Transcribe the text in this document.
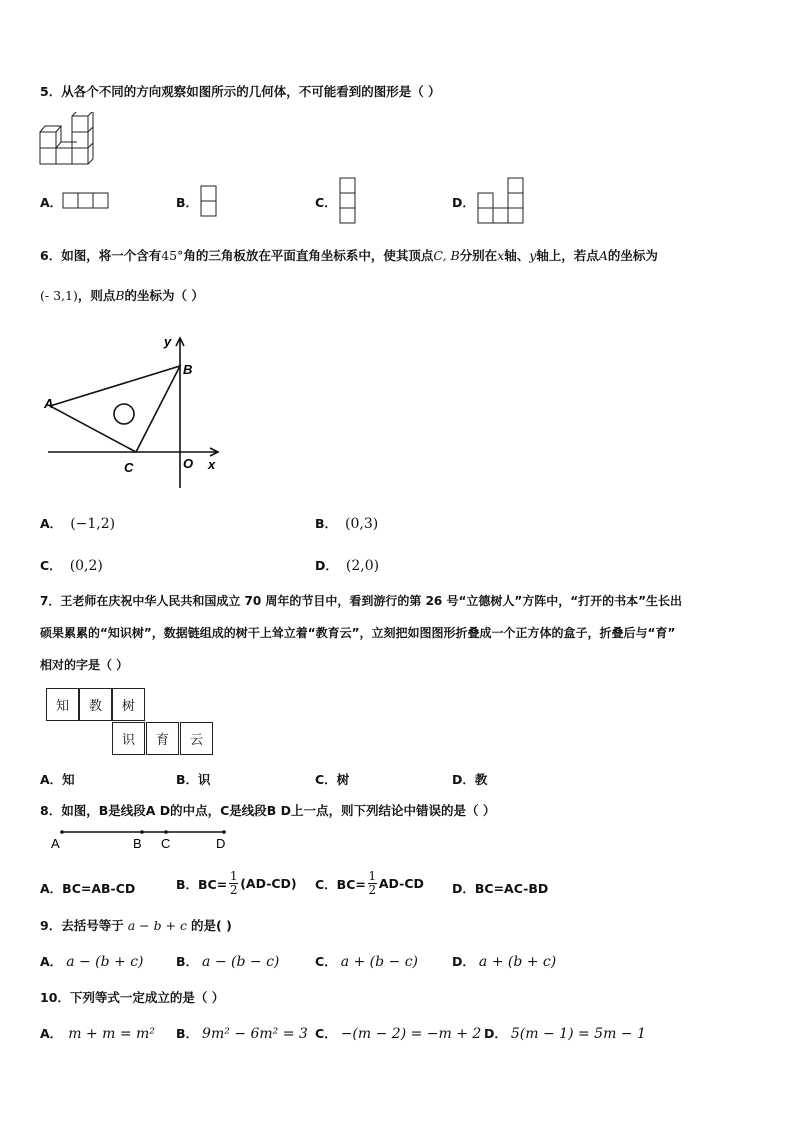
5．从各个不同的方向观察如图所示的几何体，不可能看到的图形是（ ）
A．	B．	C．	D．
6．如图，将一个含有45°角的三角板放在平面直角坐标系中，使其顶点C, B分别在x轴、y轴上，若点A的坐标为
(- 3,1)，则点B的坐标为（ ）
y
B
A
C	O x
A． (−1,2)	B． (0,3)
C． (0,2)	D． (2,0)
7．王老师在庆祝中华人民共和国成立 70 周年的节目中，看到游行的第 26 号“立德树人”方阵中，“打开的书本”生长出
硕果累累的“知识树”，数据链组成的树干上耸立着“教育云”，立刻把如图图形折叠成一个正方体的盒子，折叠后与“育”
相对的字是（ ）
知	教	树
识	育	云
A．知	B．识	C．树	D．教
8．如图，B是线段A D的中点，C是线段B D上一点，则下列结论中错误的是（ ）
A	B C	D
A．BC=AB-CD	B．$BC= \frac{1}{2} (AD-CD)$ C．$BC= \frac{1}{2} AD-CD$ D．BC=AC-BD
9．去括号等于 a − b + c 的是( )
A． a − (b + c)	B． a − (b − c)	C． a + (b − c)	D． a + (b + c)
10．下列等式一定成立的是（ ）
A． m + m = m² B． 9m² − 6m² = 3 C． −(m − 2) = −m + 2 D． 5(m − 1) = 5m − 1
